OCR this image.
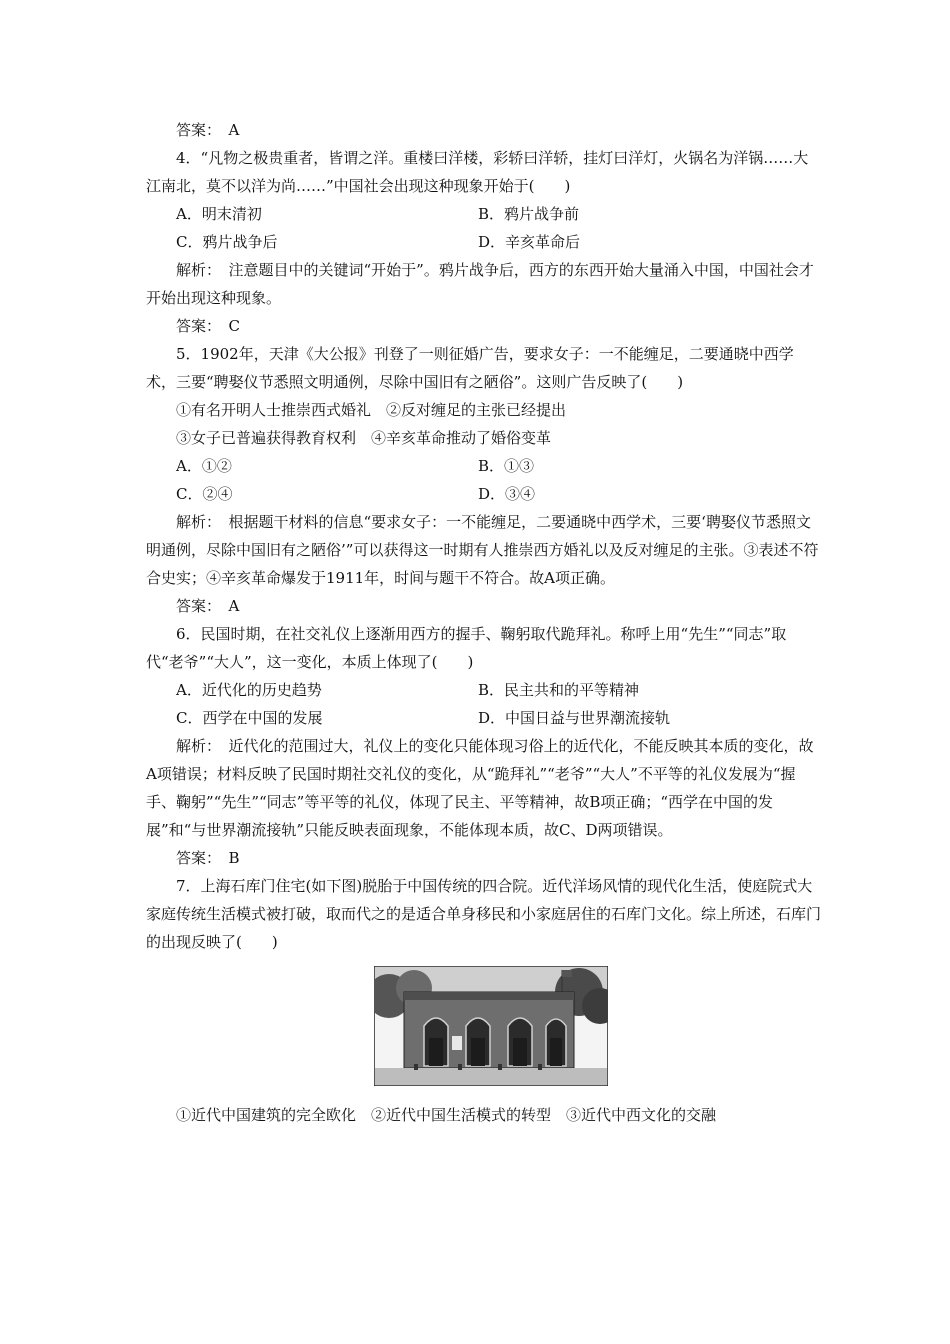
答案：　A

4．“凡物之极贵重者，皆谓之洋。重楼曰洋楼，彩轿曰洋轿，挂灯曰洋灯，火锅名为洋锅……大江南北，莫不以洋为尚……”中国社会出现这种现象开始于(　　)

A．明末清初	B．鸦片战争前
C．鸦片战争后	D．辛亥革命后

解析：　注意题目中的关键词“开始于”。鸦片战争后，西方的东西开始大量涌入中国，中国社会才开始出现这种现象。

答案：　C

5．1902年，天津《大公报》刊登了一则征婚广告，要求女子：一不能缠足，二要通晓中西学术，三要“聘娶仪节悉照文明通例，尽除中国旧有之陋俗”。这则广告反映了(　　)

①有名开明人士推崇西式婚礼　②反对缠足的主张已经提出

③女子已普遍获得教育权利　④辛亥革命推动了婚俗变革

A．①②	B．①③
C．②④	D．③④

解析：　根据题干材料的信息“要求女子：一不能缠足，二要通晓中西学术，三要‘聘娶仪节悉照文明通例，尽除中国旧有之陋俗’”可以获得这一时期有人推崇西方婚礼以及反对缠足的主张。③表述不符合史实；④辛亥革命爆发于1911年，时间与题干不符合。故A项正确。

答案：　A

6．民国时期，在社交礼仪上逐渐用西方的握手、鞠躬取代跪拜礼。称呼上用“先生”“同志”取代“老爷”“大人”，这一变化，本质上体现了(　　)

A．近代化的历史趋势	B．民主共和的平等精神
C．西学在中国的发展	D．中国日益与世界潮流接轨

解析：　近代化的范围过大，礼仪上的变化只能体现习俗上的近代化，不能反映其本质的变化，故A项错误；材料反映了民国时期社交礼仪的变化，从“跪拜礼”“老爷”“大人”不平等的礼仪发展为“握手、鞠躬”“先生”“同志”等平等的礼仪，体现了民主、平等精神，故B项正确；“西学在中国的发展”和“与世界潮流接轨”只能反映表面现象，不能体现本质，故C、D两项错误。

答案：　B

7．上海石库门住宅(如下图)脱胎于中国传统的四合院。近代洋场风情的现代化生活，使庭院式大家庭传统生活模式被打破，取而代之的是适合单身移民和小家庭居住的石库门文化。综上所述，石库门的出现反映了(　　)

①近代中国建筑的完全欧化　②近代中国生活模式的转型　③近代中西文化的交融
